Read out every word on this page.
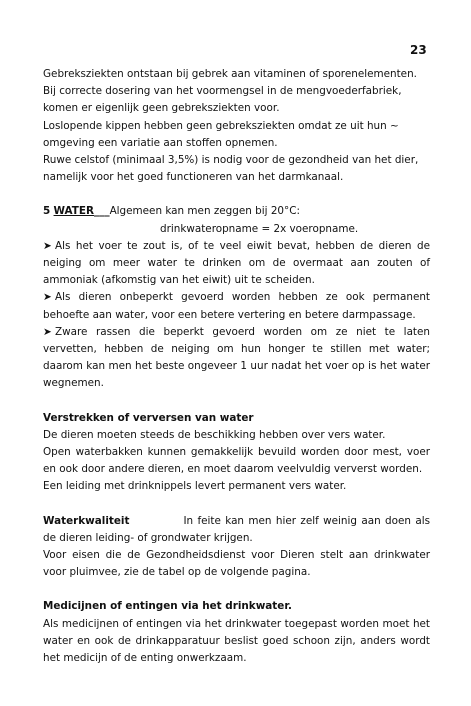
23

Gebreksziekten ontstaan bij gebrek aan vitaminen of sporenelementen.
Bij correcte dosering van het voormengsel in de mengvoederfabriek,
komen er eigenlijk geen gebreksziekten voor.
Loslopende kippen hebben geen gebreksziekten omdat ze uit hun ~
omgeving een variatie aan stoffen opnemen.
Ruwe celstof (minimaal 3,5%) is nodig voor de gezondheid van het dier,
namelijk voor het goed functioneren van het darmkanaal.

5 WATER___Algemeen kan men zeggen bij 20°C:

drinkwateropname = 2x voeropname.

➤ Als het voer te zout is, of te veel eiwit bevat, hebben de dieren de neiging om meer water te drinken om de overmaat aan zouten of ammoniak (afkomstig van het eiwit) uit te scheiden.

➤ Als dieren onbeperkt gevoerd worden hebben ze ook permanent behoefte aan water, voor een betere vertering en betere darmpassage.

➤ Zware rassen die beperkt gevoerd worden om ze niet te laten vervetten, hebben de neiging om hun honger te stillen met water; daarom kan men het beste ongeveer 1 uur nadat het voer op is het water wegnemen.

Verstrekken of verversen van water

De dieren moeten steeds de beschikking hebben over vers water.

Open waterbakken kunnen gemakkelijk bevuild worden door mest, voer en ook door andere dieren, en moet daarom veelvuldig ververst worden.

Een leiding met drinknippels levert permanent vers water.

Waterkwaliteit	In feite kan men hier zelf weinig aan doen als de dieren leiding- of grondwater krijgen.

Voor eisen die de Gezondheidsdienst voor Dieren stelt aan drinkwater voor pluimvee, zie de tabel op de volgende pagina.

Medicijnen of entingen via het drinkwater.

Als medicijnen of entingen via het drinkwater toegepast worden moet het water en ook de drinkapparatuur beslist goed schoon zijn, anders wordt het medicijn of de enting onwerkzaam.
